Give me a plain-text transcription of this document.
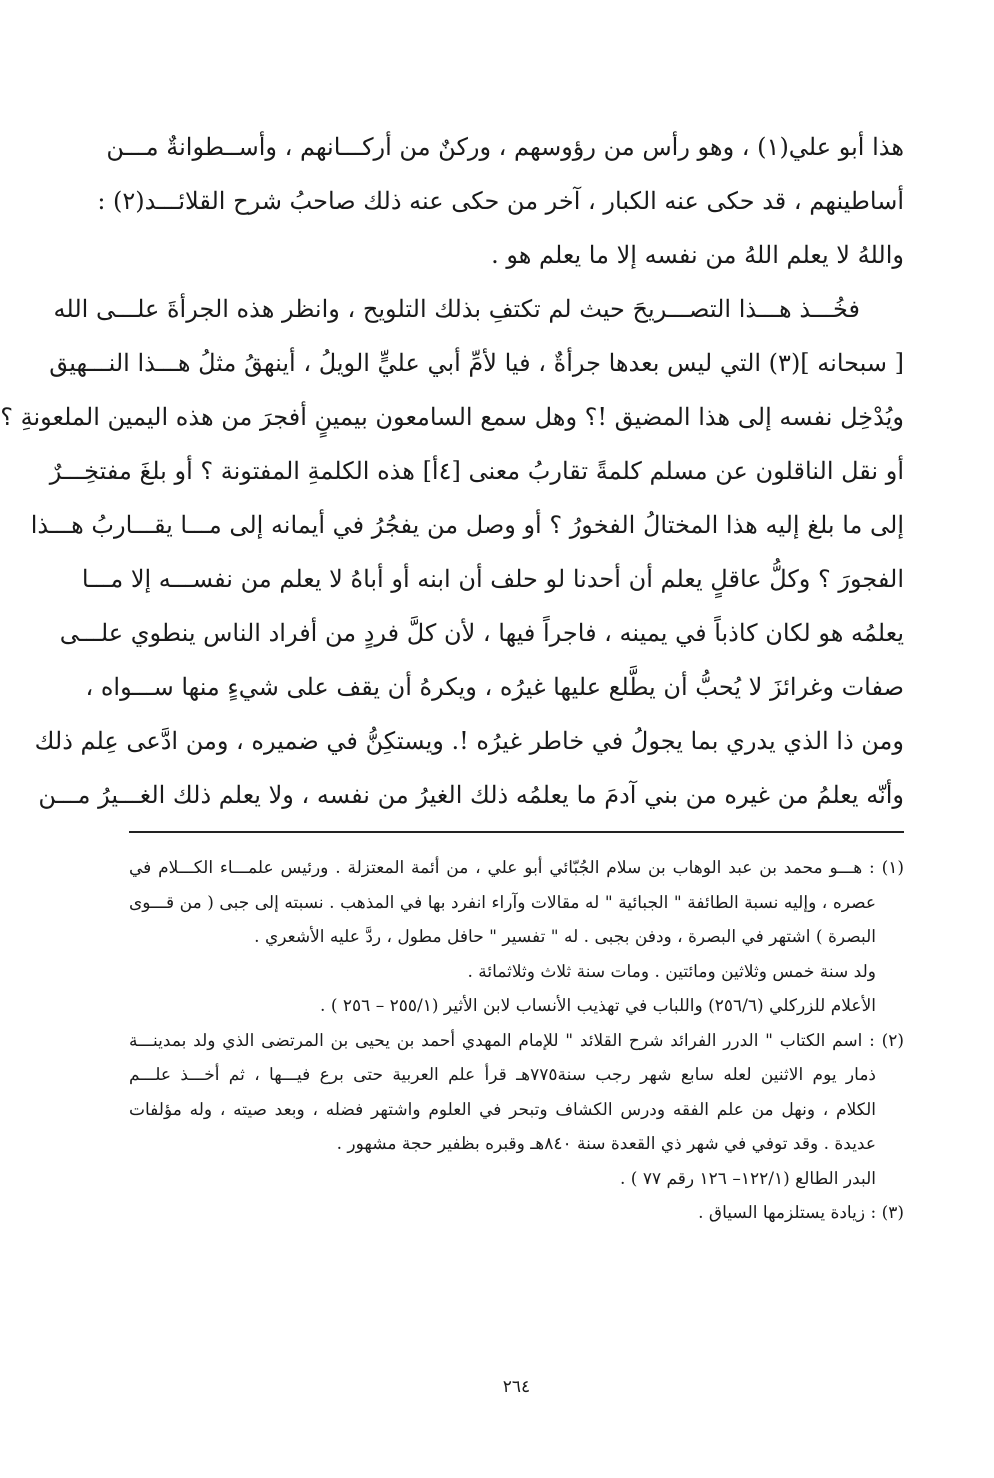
هذا أبو علي(١) ، وهو رأس من رؤوسهم ، وركنٌ من أركـــانهم ، وأســطوانةٌ مـــن
أساطينهم ، قد حكى عنه الكبار ، آخر من حكى عنه ذلك صاحبُ شرح القلائـــد(٢) :
واللهُ لا يعلم اللهُ من نفسه إلا ما يعلم هو .
فخُـــذ هـــذا التصـــريحَ حيث لم تكتفِ بذلك التلويح ، وانظر هذه الجرأةَ علـــى الله
[ سبحانه ](٣) التي ليس بعدها جرأةٌ ، فيا لأمِّ أبي عليٍّ الويلُ ، أينهقُ مثلُ هـــذا النـــهيق
ويُدْخِل نفسه إلى هذا المضيق !؟ وهل سمع السامعون بيمينٍ أفجرَ من هذه اليمين الملعونةِ ؟
أو نقل الناقلون عن مسلم كلمةً تقاربُ معنى [٤أ] هذه الكلمةِ المفتونة ؟ أو بلغَ مفتخِـــرٌ
إلى ما بلغ إليه هذا المختالُ الفخورُ ؟ أو وصل من يفجُرُ في أيمانه إلى مـــا يقـــاربُ هـــذا
الفجورَ ؟ وكلُّ عاقلٍ يعلم أن أحدنا لو حلف أن ابنه أو أباهُ لا يعلم من نفســـه إلا مـــا
يعلمُه هو لكان كاذباً في يمينه ، فاجراً فيها ، لأن كلَّ فردٍ من أفراد الناس ينطوي علـــى
صفات وغرائزَ لا يُحبُّ أن يطَّلع عليها غيرُه ، ويكرهُ أن يقف على شيءٍ منها ســـواه ،
ومن ذا الذي يدري بما يجولُ في خاطر غيرُه !. ويستكِنُّ في ضميره ، ومن ادَّعى عِلم ذلك
وأنّه يعلمُ من غيره من بني آدمَ ما يعلمُه ذلك الغيرُ من نفسه ، ولا يعلم ذلك الغـــيرُ مـــن
(١) : هـــو محمد بن عبد الوهاب بن سلام الجُبّائي أبو علي ، من أئمة المعتزلة . ورئيس علمـــاء الكـــلام في
عصره ، وإليه نسبة الطائفة " الجبائية " له مقالات وآراء انفرد بها في المذهب . نسبته إلى جبى ( من قـــوى
البصرة ) اشتهر في البصرة ، ودفن بجبى . له " تفسير " حافل مطول ، ردَّ عليه الأشعري .
ولد سنة خمس وثلاثين ومائتين . ومات سنة ثلاث وثلاثمائة .
الأعلام للزركلي (٢٥٦/٦) واللباب في تهذيب الأنساب لابن الأثير (٢٥٥/١ – ٢٥٦ ) .
(٢) : اسم الكتاب " الدرر الفرائد شرح القلائد " للإمام المهدي أحمد بن يحيى بن المرتضى الذي ولد بمدينـــة
ذمار يوم الاثنين لعله سابع شهر رجب سنة٧٧٥هـ قرأ علم العربية حتى برع فيـــها ، ثم أخـــذ علـــم
الكلام ، ونهل من علم الفقه ودرس الكشاف وتبحر في العلوم واشتهر فضله ، وبعد صيته ، وله مؤلفات
عديدة . وقد توفي في شهر ذي القعدة سنة ٨٤٠هـ وقبره بظفير حجة مشهور .
البدر الطالع (١٢٢/١– ١٢٦ رقم ٧٧ ) .
(٣) : زيادة يستلزمها السياق .
٢٦٤
